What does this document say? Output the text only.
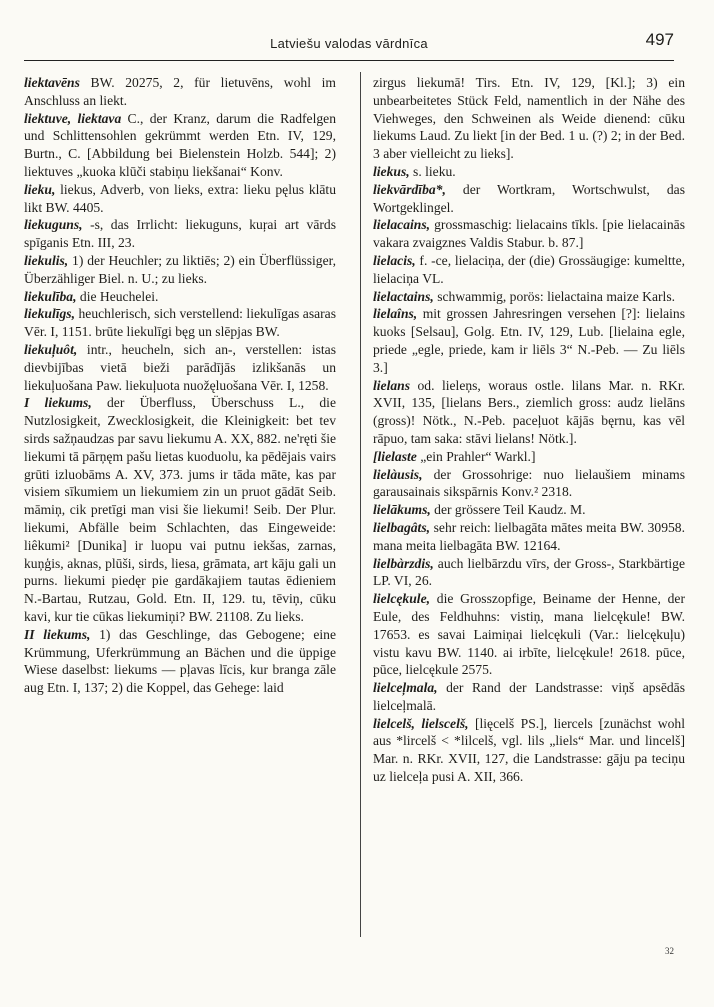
Latviešu valodas vārdnīca	497

liektavēns BW. 20275, 2, für lietuvēns, wohl im Anschluss an liekt.

liektuve, liektava C., der Kranz, darum die Radfelgen und Schlittensohlen gekrümmt werden Etn. IV, 129, Burtn., C. [Abbildung bei Bielenstein Holzb. 544]; 2) liektuves „kuoka klūči stabiņu liekšanai“ Konv.

lieku, liekus, Adverb, von lieks, extra: lieku pęlus klātu likt BW. 4405.

liekuguns, -s, das Irrlicht: liekuguns, kuŗai art vārds spīganis Etn. III, 23.

liekulis, 1) der Heuchler; zu liktiēs; 2) ein Überflüssiger, Überzähliger Biel. n. U.; zu lieks.

liekulība, die Heuchelei.

liekulīgs, heuchlerisch, sich verstellend: liekulīgas asaras Vēr. I, 1151. brūte liekulīgi bęg un slēpjas BW.

liekuļuôt, intr., heucheln, sich an-, verstellen: istas dievbijības vietā bieži parādījās izlikšanās un liekuļuošana Paw. liekuļuota nuožęluošana Vēr. I, 1258.

I liekums, der Überfluss, Überschuss L., die Nutzlosigkeit, Zwecklosigkeit, die Kleinigkeit: bet tev sirds sažņaudzas par savu liekumu A. XX, 882. ne'ręti šie liekumi tā pārņęm pašu lietas kuoduolu, ka pēdējais vairs grūti izluobāms A. XV, 373. jums ir tāda māte, kas par visiem sīkumiem un liekumiem zin un pruot gādāt Seib. māmiņ, cik pretīgi man visi šie liekumi! Seib. Der Plur. liekumi, Abfälle beim Schlachten, das Eingeweide: liêkumi² [Dunika] ir luopu vai putnu iekšas, zarnas, kuņģis, aknas, plūši, sirds, liesa, grāmata, art kāju gali un purns. liekumi piedęr pie gardākajiem tautas ēdieniem N.-Bartau, Rutzau, Gold. Etn. II, 129. tu, tēviņ, cūku kavi, kur tie cūkas liekumiņi? BW. 21108. Zu lieks.

II liekums, 1) das Geschlinge, das Gebogene; eine Krümmung, Uferkrümmung an Bächen und die üppige Wiese daselbst: liekums — pļavas līcis, kur branga zāle aug Etn. I, 137; 2) die Koppel, das Gehege: laid

zirgus liekumā! Tirs. Etn. IV, 129, [Kl.]; 3) ein unbearbeitetes Stück Feld, namentlich in der Nähe des Viehweges, den Schweinen als Weide dienend: cūku liekums Laud. Zu liekt [in der Bed. 1 u. (?) 2; in der Bed. 3 aber vielleicht zu lieks].

liekus, s. lieku.

liekvārdība*, der Wortkram, Wortschwulst, das Wortgeklingel.

lielacains, grossmaschig: lielacains tīkls. [pie lielacainās vakara zvaigznes Valdis Stabur. b. 87.]

lielacis, f. -ce, lielaciņa, der (die) Grossäugige: kumeltte, lielaciņa VL.

lielactains, schwammig, porös: lielactaina maize Karls.

lielaîns, mit grossen Jahresringen versehen [?]: lielains kuoks [Selsau], Golg. Etn. IV, 129, Lub. [lielaina egle, priede „egle, priede, kam ir liēls 3“ N.-Peb. — Zu liēls 3.]

lielans od. lieleņs, woraus ostle. lilans Mar. n. RKr. XVII, 135, [lielans Bers., ziemlich gross: audz lielāns (gross)! Nötk., N.-Peb. paceļuot kājās bęrnu, kas vēl rāpuo, tam saka: stāvi lielans! Nötk.].

[lielaste „ein Prahler“ Warkl.]

lielàusis, der Grossohrige: nuo lielaušiem minams garausainais sikspārnis Konv.² 2318.

lielākums, der grössere Teil Kaudz. M.

lielbagâts, sehr reich: lielbagāta mātes meita BW. 30958. mana meita lielbagāta BW. 12164.

lielbàrzdis, auch lielbārzdu vīrs, der Gross-, Starkbärtige LP. VI, 26.

lielcękule, die Grosszopfige, Beiname der Henne, der Eule, des Feldhuhns: vistiņ, mana lielcękule! BW. 17653. es savai Laimiņai lielcękuli (Var.: lielcękuļu) vistu kavu BW. 1140. ai irbīte, lielcękule! 2618. pūce, pūce, lielcękule 2575.

lielceļmala, der Rand der Landstrasse: viņš apsēdās lielceļmalā.

lielcelš, lielscelš, [lięcelš PS.], liercels [zunächst wohl aus *lircelš < *lilcelš, vgl. lils „liels“ Mar. und lincelš] Mar. n. RKr. XVII, 127, die Landstrasse: gāju pa teciņu uz lielceļa pusi A. XII, 366.

32
